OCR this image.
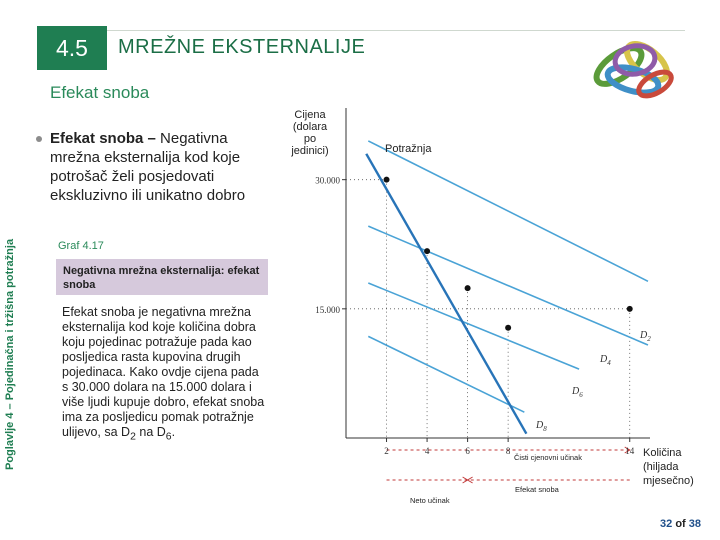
4.5 MREŽNE EKSTERNALIJE
Efekat snoba
Poglavlje 4 – Pojedinačna i tržišna potražnja
Efekat snoba – Negativna mrežna eksternalija kod koje potrošač želi posjedovati ekskluzivno ili unikatno dobro
Graf 4.17
Negativna mrežna eksternalija: efekat snoba
Efekat snoba je negativna mrežna eksternalija kod koje količina dobra koju pojedinac potražuje pada kao posljedica rasta kupovina drugih pojedinaca. Kako ovdje cijena pada s 30.000 dolara na 15.000 dolara i više ljudi kupuje dobro, efekat snoba ima za posljedicu pomak potražnje ulijevo, sa $D_2$ na $D_6$.
Cijena
(dolara
po
jedinici)
30.000
15.000
2	4	6	8	14
$D_2$
$D_4$
$D_6$
$D_8$
Potražnja
Količina
(hiljada
mjesečno)
Čisti cjenovni učinak
Neto učinak
Efekat snoba
32 of 38
